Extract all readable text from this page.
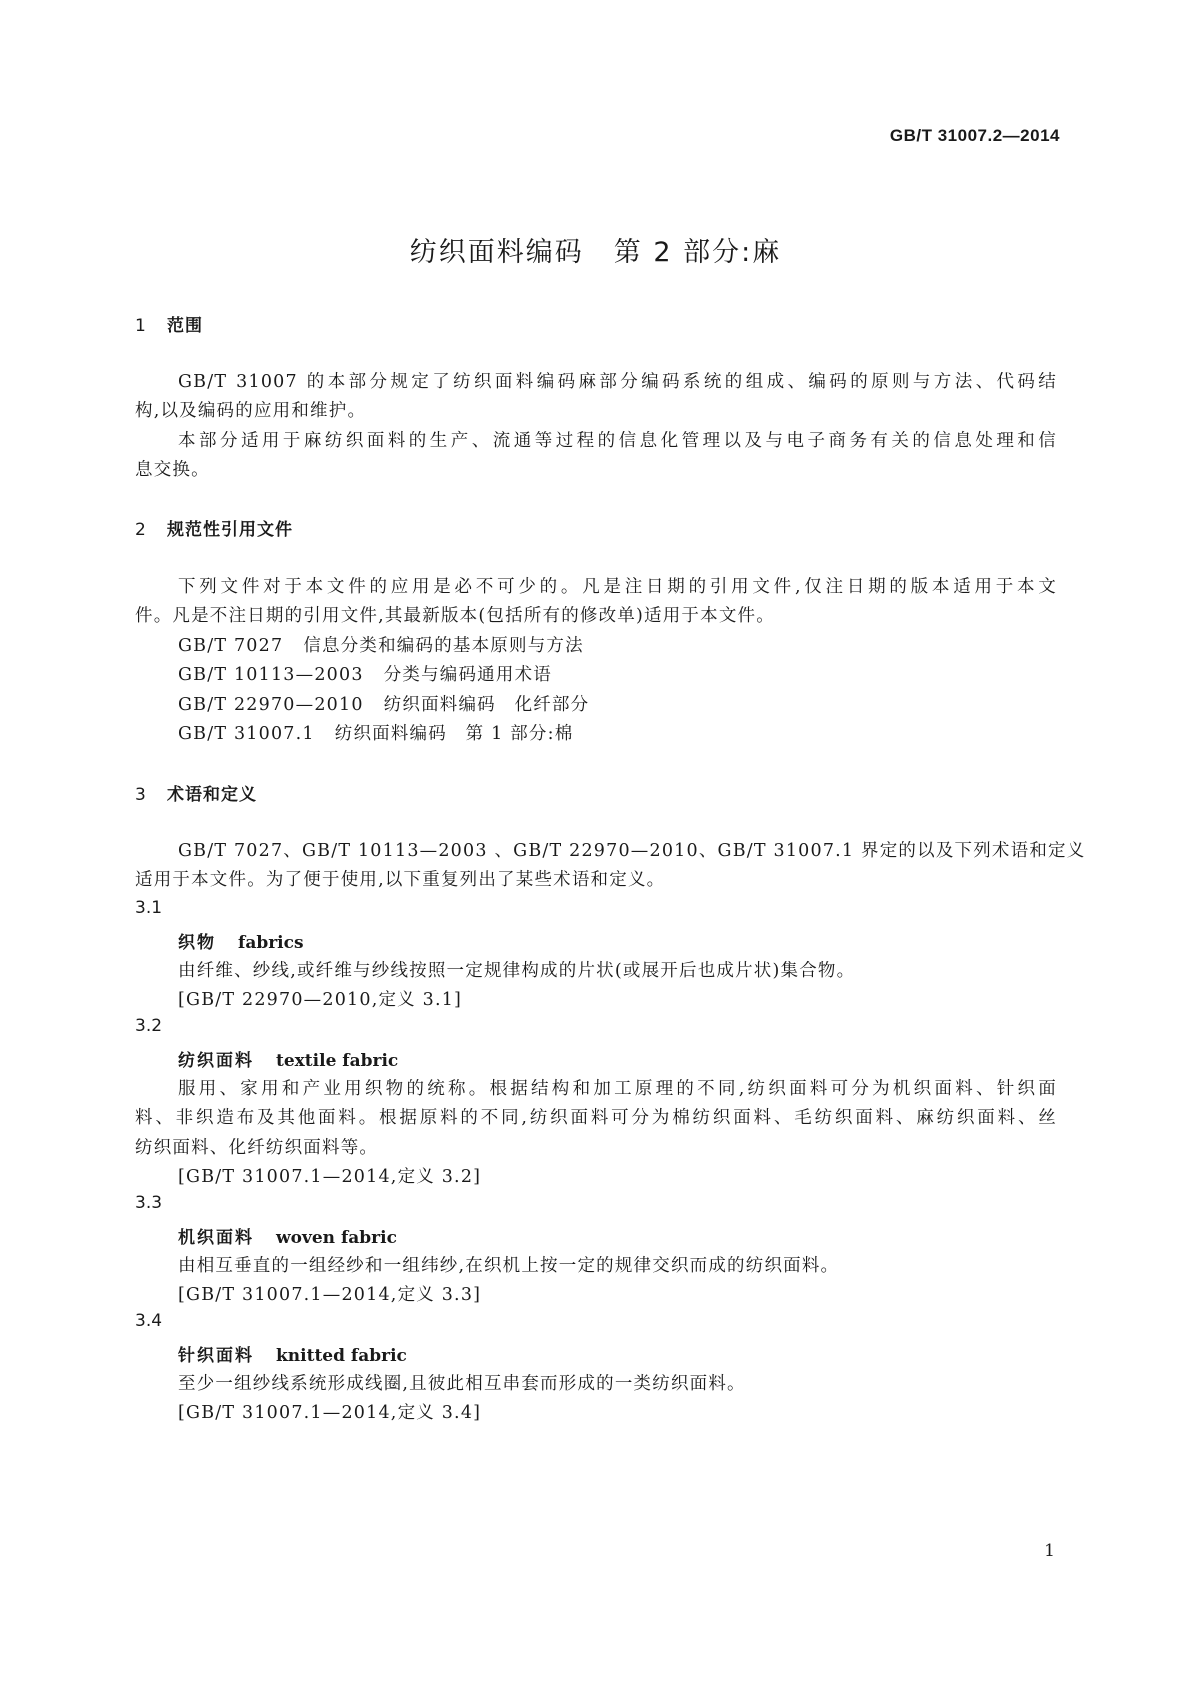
GB/T 31007.2—2014
纺织面料编码 第 2 部分:麻
1 范围
GB/T 31007 的本部分规定了纺织面料编码麻部分编码系统的组成、编码的原则与方法、代码结
构,以及编码的应用和维护。
本部分适用于麻纺织面料的生产、流通等过程的信息化管理以及与电子商务有关的信息处理和信
息交换。
2 规范性引用文件
下列文件对于本文件的应用是必不可少的。凡是注日期的引用文件,仅注日期的版本适用于本文
件。凡是不注日期的引用文件,其最新版本(包括所有的修改单)适用于本文件。
GB/T 7027 信息分类和编码的基本原则与方法
GB/T 10113—2003 分类与编码通用术语
GB/T 22970—2010 纺织面料编码　化纤部分
GB/T 31007.1 纺织面料编码　第 1 部分:棉
3 术语和定义
GB/T 7027、GB/T 10113—2003 、GB/T 22970—2010、GB/T 31007.1 界定的以及下列术语和定义
适用于本文件。为了便于使用,以下重复列出了某些术语和定义。
3.1
织物 fabrics
由纤维、纱线,或纤维与纱线按照一定规律构成的片状(或展开后也成片状)集合物。
[GB/T 22970—2010,定义 3.1]
3.2
纺织面料 textile fabric
服用、家用和产业用织物的统称。根据结构和加工原理的不同,纺织面料可分为机织面料、针织面
料、非织造布及其他面料。根据原料的不同,纺织面料可分为棉纺织面料、毛纺织面料、麻纺织面料、丝
纺织面料、化纤纺织面料等。
[GB/T 31007.1—2014,定义 3.2]
3.3
机织面料 woven fabric
由相互垂直的一组经纱和一组纬纱,在织机上按一定的规律交织而成的纺织面料。
[GB/T 31007.1—2014,定义 3.3]
3.4
针织面料 knitted fabric
至少一组纱线系统形成线圈,且彼此相互串套而形成的一类纺织面料。
[GB/T 31007.1—2014,定义 3.4]
1
